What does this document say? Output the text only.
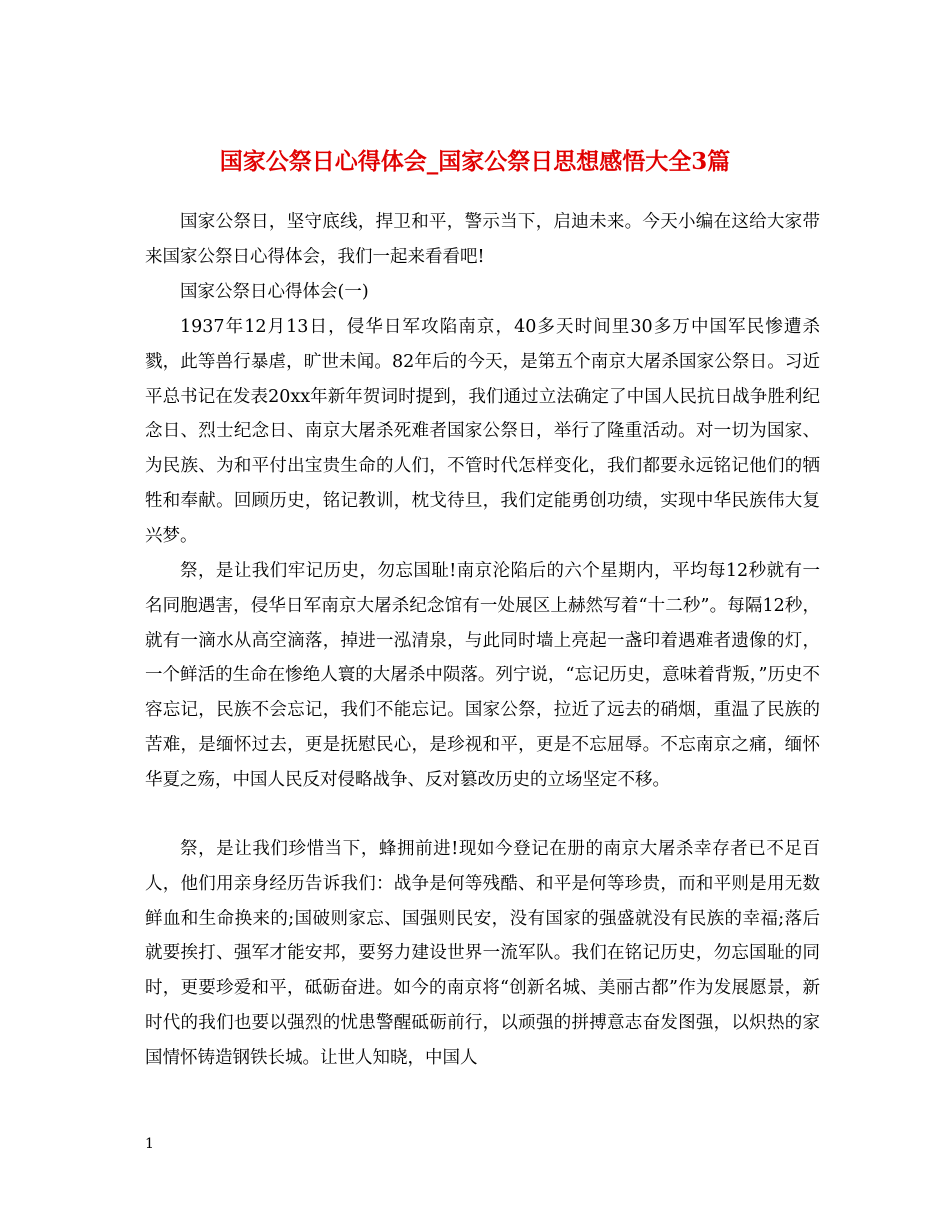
国家公祭日心得体会_国家公祭日思想感悟大全3篇

国家公祭日，坚守底线，捍卫和平，警示当下，启迪未来。今天小编在这给大家带来国家公祭日心得体会，我们一起来看看吧!

国家公祭日心得体会(一)

1937年12月13日，侵华日军攻陷南京，40多天时间里30多万中国军民惨遭杀戮，此等兽行暴虐，旷世未闻。82年后的今天，是第五个南京大屠杀国家公祭日。习近平总书记在发表20xx年新年贺词时提到，我们通过立法确定了中国人民抗日战争胜利纪念日、烈士纪念日、南京大屠杀死难者国家公祭日，举行了隆重活动。对一切为国家、为民族、为和平付出宝贵生命的人们，不管时代怎样变化，我们都要永远铭记他们的牺牲和奉献。回顾历史，铭记教训，枕戈待旦，我们定能勇创功绩，实现中华民族伟大复兴梦。

祭，是让我们牢记历史，勿忘国耻!南京沦陷后的六个星期内，平均每12秒就有一名同胞遇害，侵华日军南京大屠杀纪念馆有一处展区上赫然写着“十二秒”。每隔12秒，就有一滴水从高空滴落，掉进一泓清泉，与此同时墙上亮起一盏印着遇难者遗像的灯，一个鲜活的生命在惨绝人寰的大屠杀中陨落。列宁说，“忘记历史，意味着背叛，”历史不容忘记，民族不会忘记，我们不能忘记。国家公祭，拉近了远去的硝烟，重温了民族的苦难，是缅怀过去，更是抚慰民心，是珍视和平，更是不忘屈辱。不忘南京之痛，缅怀华夏之殇，中国人民反对侵略战争、反对篡改历史的立场坚定不移。

祭，是让我们珍惜当下，蜂拥前进!现如今登记在册的南京大屠杀幸存者已不足百人，他们用亲身经历告诉我们：战争是何等残酷、和平是何等珍贵，而和平则是用无数鲜血和生命换来的;国破则家忘、国强则民安，没有国家的强盛就没有民族的幸福;落后就要挨打、强军才能安邦，要努力建设世界一流军队。我们在铭记历史，勿忘国耻的同时，更要珍爱和平，砥砺奋进。如今的南京将“创新名城、美丽古都”作为发展愿景，新时代的我们也要以强烈的忧患警醒砥砺前行，以顽强的拼搏意志奋发图强，以炽热的家国情怀铸造钢铁长城。让世人知晓，中国人

1
